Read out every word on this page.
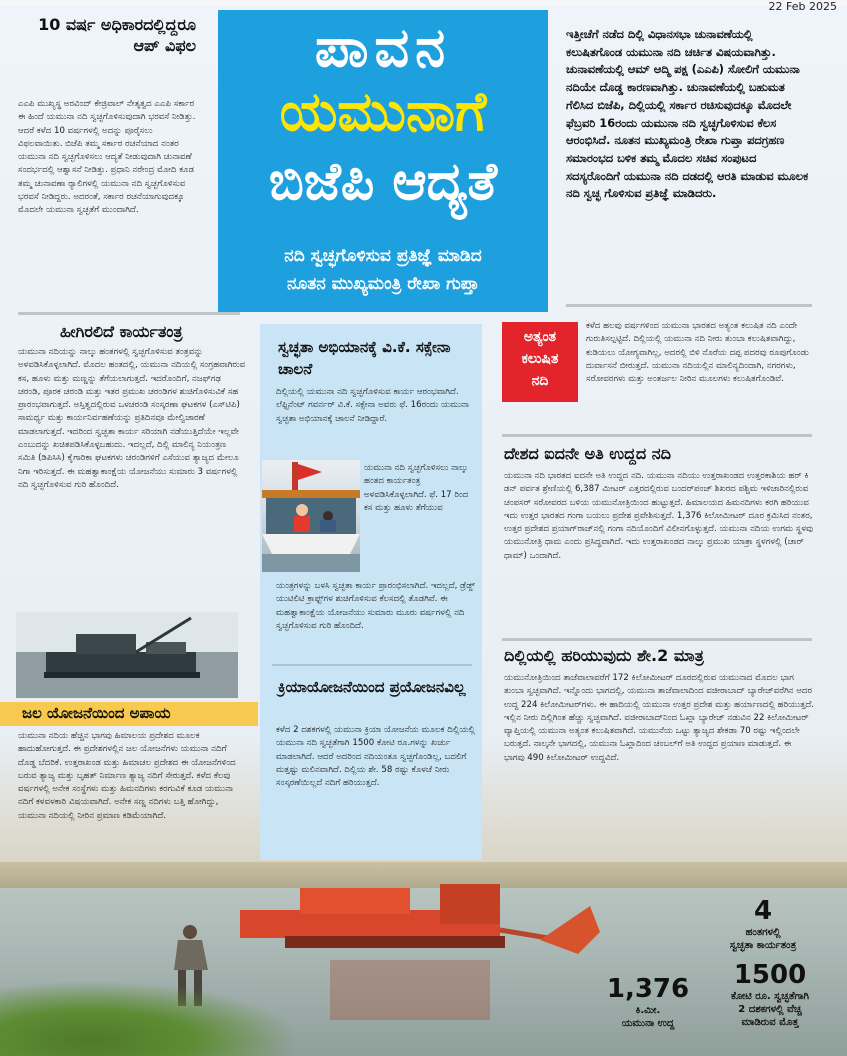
22 Feb 2025
10 ವರ್ಷ ಅಧಿಕಾರದಲ್ಲಿದ್ದರೂ ಆಪ್‌ ವಿಫಲ

ಎಎಪಿ ಮುಖ್ಯಸ್ಥ ಅರವಿಂದ್‌ ಕೇಜ್ರಿವಾಲ್‌ ನೇತೃತ್ವದ ಎಎಪಿ ಸರ್ಕಾರ ಈ ಹಿಂದೆ ಯಮುನಾ ನದಿ ಸ್ವಚ್ಛಗೊಳಿಸುವುದಾಗಿ ಭರವಸೆ ನೀಡಿತ್ತು. ಆದರೆ ಕಳೆದ 10 ವರ್ಷಗಳಲ್ಲಿ ಅದನ್ನು ಪೂರೈಸಲು ವಿಫಲವಾಯಿತು. ಬಿಜೆಪಿ ತಮ್ಮ ಸರ್ಕಾರ ರಚನೆಯಾದ ನಂತರ ಯಮುನಾ ನದಿ ಸ್ವಚ್ಛಗೊಳಿಸಲು ಆದ್ಯತೆ ನೀಡುವುದಾಗಿ ಚುನಾವಣೆ ಸಂದರ್ಭದಲ್ಲಿ ಆಶ್ವಾಸನೆ ನೀಡಿತ್ತು. ಪ್ರಧಾನಿ ನರೇಂದ್ರ ಮೋದಿ ಕೂಡ ತಮ್ಮ ಚುನಾವಣಾ ರ್‍ಯಾಲಿಗಳಲ್ಲಿ ಯಮುನಾ ನದಿ ಸ್ವಚ್ಛಗೊಳಿಸುವ ಭರವಸೆ ನೀಡಿದ್ದರು. ಅದರಂತೆ, ಸರ್ಕಾರ ರಚನೆಯಾಗುವುದಕ್ಕೂ ಮೊದಲೇ ಯಮುನಾ ಸ್ವಚ್ಛತೆಗೆ ಮುಂದಾಗಿದೆ.

ಪಾವನ
ಯಮುನಾಗೆ
ಬಿಜೆಪಿ ಆದ್ಯತೆ
ನದಿ ಸ್ವಚ್ಛಗೊಳಿಸುವ ಪ್ರತಿಜ್ಞೆ ಮಾಡಿದ
ನೂತನ ಮುಖ್ಯಮಂತ್ರಿ ರೇಖಾ ಗುಪ್ತಾ
ಇತ್ತೀಚೆಗೆ ನಡೆದ ದಿಲ್ಲಿ ವಿಧಾನಸಭಾ ಚುನಾವಣೆಯಲ್ಲಿ ಕಲುಷಿತಗೊಂಡ ಯಮುನಾ ನದಿ ಚರ್ಚಿತ ವಿಷಯವಾಗಿತ್ತು. ಚುನಾವಣೆಯಲ್ಲಿ ಆಮ್‌ ಆದ್ಮಿ ಪಕ್ಷ (ಎಎಪಿ) ಸೋಲಿಗೆ ಯಮುನಾ ನದಿಯೇ ದೊಡ್ಡ ಕಾರಣವಾಗಿತ್ತು. ಚುನಾವಣೆಯಲ್ಲಿ ಬಹುಮತ ಗೆಲಿಸಿದ ಬಿಜೆಪಿ, ದಿಲ್ಲಿಯಲ್ಲಿ ಸರ್ಕಾರ ರಚಿಸುವುದಕ್ಕೂ ಮೊದಲೇ ಫೆಬ್ರವರಿ 16ರಂದು ಯಮುನಾ ನದಿ ಸ್ವಚ್ಛಗೊಳಿಸುವ ಕೆಲಸ ಆರಂಭಿಸಿದೆ. ನೂತನ ಮುಖ್ಯಮಂತ್ರಿ ರೇಖಾ ಗುಪ್ತಾ ಪದಗ್ರಹಣ ಸಮಾರಂಭದ ಬಳಿಕ ತಮ್ಮ ಮೊದಲ ಸಚಿವ ಸಂಪುಟದ ಸದಸ್ಯರೊಂದಿಗೆ ಯಮುನಾ ನದಿ ದಡದಲ್ಲಿ ಆರತಿ ಮಾಡುವ ಮೂಲಕ ನದಿ ಸ್ವಚ್ಛ ಗೊಳಿಸುವ ಪ್ರತಿಜ್ಞೆ ಮಾಡಿದರು.
ಹೀಗಿರಲಿದೆ ಕಾರ್ಯತಂತ್ರ

ಯಮುನಾ ನದಿಯನ್ನು ನಾಲ್ಕು ಹಂತಗಳಲ್ಲಿ ಸ್ವಚ್ಛಗೊಳಿಸುವ ತಂತ್ರವನ್ನು ಅಳವಡಿಸಿಕೊಳ್ಳಲಾಗಿದೆ. ಮೊದಲ ಹಂತದಲ್ಲಿ, ಯಮುನಾ ನದಿಯಲ್ಲಿ ಸಂಗ್ರಹವಾಗಿರುವ ಕಸ, ಹೂಳು ಮತ್ತು ಮಣ್ಣನ್ನು ತೆಗೆಯಲಾಗುತ್ತದೆ. ಇದರೊಂದಿಗೆ, ನಜಫ್‌ಗಢ ಚರಂಡಿ, ಪೂರಕ ಚರಂಡಿ ಮತ್ತು ಇತರ ಪ್ರಮುಖ ಚರಂಡಿಗಳ ಶುಚಿಗೊಳಿಸುವಿಕೆ ಸಹ ಪ್ರಾರಂಭವಾಗುತ್ತದೆ. ಅಸ್ತಿತ್ವದಲ್ಲಿರುವ ಒಳಚರಂಡಿ ಸಂಸ್ಕರಣಾ ಘಟಕಗಳ (ಎಸ್‌ಟಿಪಿ) ಸಾಮರ್ಥ್ಯ ಮತ್ತು ಕಾರ್ಯನಿರ್ವಹಣೆಯನ್ನು ಪ್ರತಿದಿನವೂ ಮೇಲ್ವಿಚಾರಣೆ ಮಾಡಲಾಗುತ್ತದೆ. ಇದರಿಂದ ಸ್ವಚ್ಛತಾ ಕಾರ್ಯ ಸರಿಯಾಗಿ ನಡೆಯುತ್ತಿದೆಯೇ ಇಲ್ಲವೇ ಎಂಬುದನ್ನು ಖಚಿತಪಡಿಸಿಕೊಳ್ಳಬಹುದು. ಇದಲ್ಲದೆ, ದಿಲ್ಲಿ ಮಾಲಿನ್ಯ ನಿಯಂತ್ರಣ ಸಮಿತಿ (ಡಿಪಿಸಿಸಿ) ಕೈಗಾರಿಕಾ ಘಟಕಗಳು ಚರಂಡಿಗಳಿಗೆ ಎಸೆಯುವ ತ್ಯಾಜ್ಯದ ಮೇಲೂ ನಿಗಾ ಇರಿಸುತ್ತದೆ. ಈ ಮಹತ್ವಾಕಾಂಕ್ಷೆಯ ಯೋಜನೆಯು ಸುಮಾರು 3 ವರ್ಷಗಳಲ್ಲಿ ನದಿ ಸ್ವಚ್ಛಗೊಳಿಸುವ ಗುರಿ ಹೊಂದಿದೆ.

ಜಲ ಯೋಜನೆಯಿಂದ ಅಪಾಯ

ಯಮುನಾ ನದಿಯ ಹೆಚ್ಚಿನ ಭಾಗವು ಹಿಮಾಲಯ ಪ್ರದೇಶದ ಮೂಲಕ ಹಾದುಹೋಗುತ್ತದೆ. ಈ ಪ್ರದೇಶಗಳಲ್ಲಿನ ಜಲ ಯೋಜನೆಗಳು ಯಮುನಾ ನದಿಗೆ ದೊಡ್ಡ ಬೆದರಿಕೆ. ಉತ್ತರಾಖಂಡ ಮತ್ತು ಹಿಮಾಚಲ ಪ್ರದೇಶದ ಈ ಯೋಜನೆಗಳಿಂದ ಬರುವ ತ್ಯಾಜ್ಯ ಮತ್ತು ಬೃಹತ್‌ ನಿರ್ಮಾಣ ತ್ಯಾಜ್ಯ ನದಿಗೆ ಸೇರುತ್ತದೆ. ಕಳೆದ ಕೆಲವು ವರ್ಷಗಳಲ್ಲಿ ಅನೇಕ ಸಂಸ್ಥೆಗಳು ಮತ್ತು ಹಿಮನದಿಗಳು ಕರಗುವಿಕೆ ಕೂಡ ಯಮುನಾ ನದಿಗೆ ಕಳವಳಕಾರಿ ವಿಷಯವಾಗಿದೆ. ಅನೇಕ ಸಣ್ಣ ನದಿಗಳು ಬತ್ತಿ ಹೋಗಿದ್ದು, ಯಮುನಾ ನದಿಯಲ್ಲಿ ನೀರಿನ ಪ್ರಮಾಣ ಕಡಿಮೆಯಾಗಿದೆ.

ಸ್ವಚ್ಛತಾ ಅಭಿಯಾನಕ್ಕೆ ವಿ.ಕೆ. ಸಕ್ಸೇನಾ ಚಾಲನೆ

ದಿಲ್ಲಿಯಲ್ಲಿ ಯಮುನಾ ನದಿ ಸ್ವಚ್ಛಗೊಳಿಸುವ ಕಾರ್ಯ ಆರಂಭವಾಗಿದೆ. ಲೆಫ್ಟಿನೆಂಟ್‌ ಗವರ್ನರ್‌ ವಿ.ಕೆ. ಸಕ್ಸೇನಾ ಅವರು ಫೆ. 16ರಂದು ಯಮುನಾ ಸ್ವಚ್ಛತಾ ಅಭಿಯಾನಕ್ಕೆ ಚಾಲನೆ ನೀಡಿದ್ದಾರೆ.

ಯಮುನಾ ನದಿ ಸ್ವಚ್ಛಗೊಳಿಸಲು ನಾಲ್ಕು ಹಂತದ ಕಾರ್ಯತಂತ್ರ ಅಳವಡಿಸಿಕೊಳ್ಳಲಾಗಿದೆ. ಫೆ. 17 ರಿಂದ ಕಸ ಮತ್ತು ಹೂಳು ತೆಗೆಯುವ

ಯಂತ್ರಗಳನ್ನು ಬಳಸಿ ಸ್ವಚ್ಛತಾ ಕಾರ್ಯ ಪ್ರಾರಂಭಿಸಲಾಗಿದೆ. ಇದಲ್ಲದೆ, ಡ್ರೆಡ್ಜ್‌ ಯುಟಿಲಿಟಿ ಕ್ರಾಫ್ಟ್‌ಗಳ ಶುಚಿಗೊಳಿಸುವ ಕೆಲಸದಲ್ಲಿ ತೊಡಗಿವೆ. ಈ ಮಹತ್ವಾಕಾಂಕ್ಷೆಯ ಯೋಜನೆಯು ಸುಮಾರು ಮೂರು ವರ್ಷಗಳಲ್ಲಿ ನದಿ ಸ್ವಚ್ಛಗೊಳಿಸುವ ಗುರಿ ಹೊಂದಿದೆ.

ಕ್ರಿಯಾಯೋಜನೆಯಿಂದ ಪ್ರಯೋಜನವಿಲ್ಲ

ಕಳೆದ 2 ದಶಕಗಳಲ್ಲಿ ಯಮುನಾ ಕ್ರಿಯಾ ಯೋಜನೆಯ ಮೂಲಕ ದಿಲ್ಲಿಯಲ್ಲಿ ಯಮುನಾ ನದಿ ಸ್ವಚ್ಛತೆಗಾಗಿ 1500 ಕೋಟಿ ರೂ.ಗಳನ್ನು ಖರ್ಚು ಮಾಡಲಾಗಿದೆ. ಆದರೆ ಅದರಿಂದ ನದಿಯಂತೂ ಸ್ವಚ್ಛಗೊಂಡಿಲ್ಲ, ಬದಲಿಗೆ ಮತ್ತಷ್ಟು ಮಲಿನವಾಗಿದೆ. ದಿಲ್ಲಿಯ ಶೇ. 58 ರಷ್ಟು ಕೊಳಚೆ ನೀರು ಸಂಸ್ಕರಣೆಯಿಲ್ಲದೆ ನದಿಗೆ ಹರಿಯುತ್ತದೆ.

ಅತ್ಯಂತ
ಕಲುಷಿತ
ನದಿ

ಕಳೆದ ಹಲವು ವರ್ಷಗಳಿಂದ ಯಮುನಾ ಭಾರತದ ಅತ್ಯಂತ ಕಲುಷಿತ ನದಿ ಎಂದೇ ಗುರುತಿಸಲ್ಪಟ್ಟಿದೆ. ದಿಲ್ಲಿಯಲ್ಲಿ ಯಮುನಾ ನದಿ ನೀರು ತುಂಬಾ ಕಲುಷಿತವಾಗಿದ್ದು, ಕುಡಿಯಲು ಯೋಗ್ಯವಾಗಿಲ್ಲ, ಅದರಲ್ಲಿ ಬಿಳಿ ನೊರೆಯ ದಪ್ಪ ಪದರವು ರೂಪುಗೊಂಡು ದುರ್ವಾಸನೆ ಬೀರುತ್ತದೆ. ಯಮುನಾ ನದಿಯಲ್ಲಿನ ಮಾಲಿನ್ಯದಿಂದಾಗಿ, ನಗರಗಳು, ಸರೋವರಗಳು ಮತ್ತು ಅಂತರ್ಜಲ ನೀರಿನ ಮೂಲಗಳು ಕಲುಷಿತಗೊಂಡಿವೆ.

ದೇಶದ ಐದನೇ ಅತಿ ಉದ್ದದ ನದಿ

ಯಮುನಾ ನದಿ ಭಾರತದ ಐದನೇ ಅತಿ ಉದ್ದದ ನದಿ. ಯಮುನಾ ನದಿಯು ಉತ್ತರಾಖಂಡದ ಉತ್ತರಕಾಶಿಯ ಹರ್‌ ಕಿ ಡನ್‌ ಪರ್ವತ ಶ್ರೇಣಿಯಲ್ಲಿ 6,387 ಮೀಟರ್‌ ಎತ್ತರದಲ್ಲಿರುವ ಬಂದರ್‌ಪಂಚ್‌ ಶಿಖರದ ಪಶ್ಚಿಮ ಇಳಿಜಾರಿನಲ್ಲಿರುವ ಚಂಪಸರ್‌ ಸರೋವರದ ಬಳಿಯ ಯಮುನೋತ್ರಿಯಿಂದ ಹುಟ್ಟುತ್ತದೆ. ಹಿಮಾಲಯದ ಹಿಮನದಿಗಳು ಕರಗಿ ಹರಿಯುವ ಇದು ಉತ್ತರ ಭಾರತದ ಗಂಗಾ ಬಯಲು ಪ್ರದೇಶ ಪ್ರವೇಶಿಸುತ್ತದೆ. 1,376 ಕಿಲೋಮೀಟರ್‌ ದೂರ ಕ್ರಮಿಸಿದ ನಂತರ, ಉತ್ತರ ಪ್ರದೇಶದ ಪ್ರಯಾಗ್‌ರಾಜ್‌ನಲ್ಲಿ ಗಂಗಾ ನದಿಯೊಂದಿಗೆ ವಿಲೀನಗೊಳ್ಳುತ್ತದೆ. ಯಮುನಾ ನದಿಯ ಉಗಮ ಸ್ಥಳವು ಯಮುನೋತ್ರಿ ಧಾಮ ಎಂದು ಪ್ರಸಿದ್ಧವಾಗಿದೆ. ಇದು ಉತ್ತರಾಖಂಡದ ನಾಲ್ಕು ಪ್ರಮುಖ ಯಾತ್ರಾ ಸ್ಥಳಗಳಲ್ಲಿ (ಚಾರ್‌ ಧಾಮ್‌) ಒಂದಾಗಿದೆ.

ದಿಲ್ಲಿಯಲ್ಲಿ ಹರಿಯುವುದು ಶೇ.2 ಮಾತ್ರ

ಯಮುನೋತ್ರಿಯಿಂದ ತಾಜೆವಾಲಾವರೆಗೆ 172 ಕಿಲೋಮೀಟರ್‌ ದೂರದಲ್ಲಿರುವ ಯಮುನಾದ ಮೊದಲ ಭಾಗ ತುಂಬಾ ಸ್ವಚ್ಛವಾಗಿದೆ. ಇನ್ನೊಂದು ಭಾಗದಲ್ಲಿ, ಯಮುನಾ ತಾಜೆವಾಲಾದಿಂದ ವಜೀರಾಬಾದ್‌ ಬ್ಯಾರೇಜ್‌ವರೆಗಿನ ಅದರ ಉದ್ದ 224 ಕಿಲೋಮೀಟರ್‌ಗಳು. ಈ ಹಾದಿಯಲ್ಲಿ ಯಮುನಾ ಉತ್ತರ ಪ್ರದೇಶ ಮತ್ತು ಹರ್ಯಾಣದಲ್ಲಿ ಹರಿಯುತ್ತದೆ. ಇಲ್ಲಿನ ನೀರು ದಿಲ್ಲಿಗಿಂತ ಹೆಚ್ಚು ಸ್ವಚ್ಛವಾಗಿದೆ. ವಜೀರಾಬಾದ್‌ನಿಂದ ಓಖ್ಲಾ ಬ್ಯಾರೇಜ್‌ ನಡುವಿನ 22 ಕಿಲೋಮೀಟರ್‌ ವ್ಯಾಪ್ತಿಯಲ್ಲಿ ಯಮುನಾ ಅತ್ಯಂತ ಕಲುಷಿತವಾಗಿದೆ. ಯಮುನೆಯ ಒಟ್ಟು ತ್ಯಾಜ್ಯದ ಶೇಕಡಾ 70 ರಷ್ಟು ಇಲ್ಲಿಂದಲೇ ಬರುತ್ತದೆ. ನಾಲ್ಕನೇ ಭಾಗದಲ್ಲಿ, ಯಮುನಾ ಓಖ್ಲಾದಿಂದ ಚಂಬಲ್‌ಗೆ ಅತಿ ಉದ್ದದ ಪ್ರಯಾಣ ಮಾಡುತ್ತದೆ. ಈ ಭಾಗವು 490 ಕಿಲೋಮೀಟರ್‌ ಉದ್ದವಿದೆ.

4
ಹಂತಗಳಲ್ಲಿ
ಸ್ವಚ್ಛತಾ ಕಾರ್ಯತಂತ್ರ
1,376
ಕಿ.ಮೀ.
ಯಮುನಾ ಉದ್ದ
1500
ಕೋಟಿ ರೂ. ಸ್ವಚ್ಛತೆಗಾಗಿ
2 ದಶಕಗಳಲ್ಲಿ ವೆಚ್ಚ
ಮಾಡಿರುವ ಮೊತ್ತ
